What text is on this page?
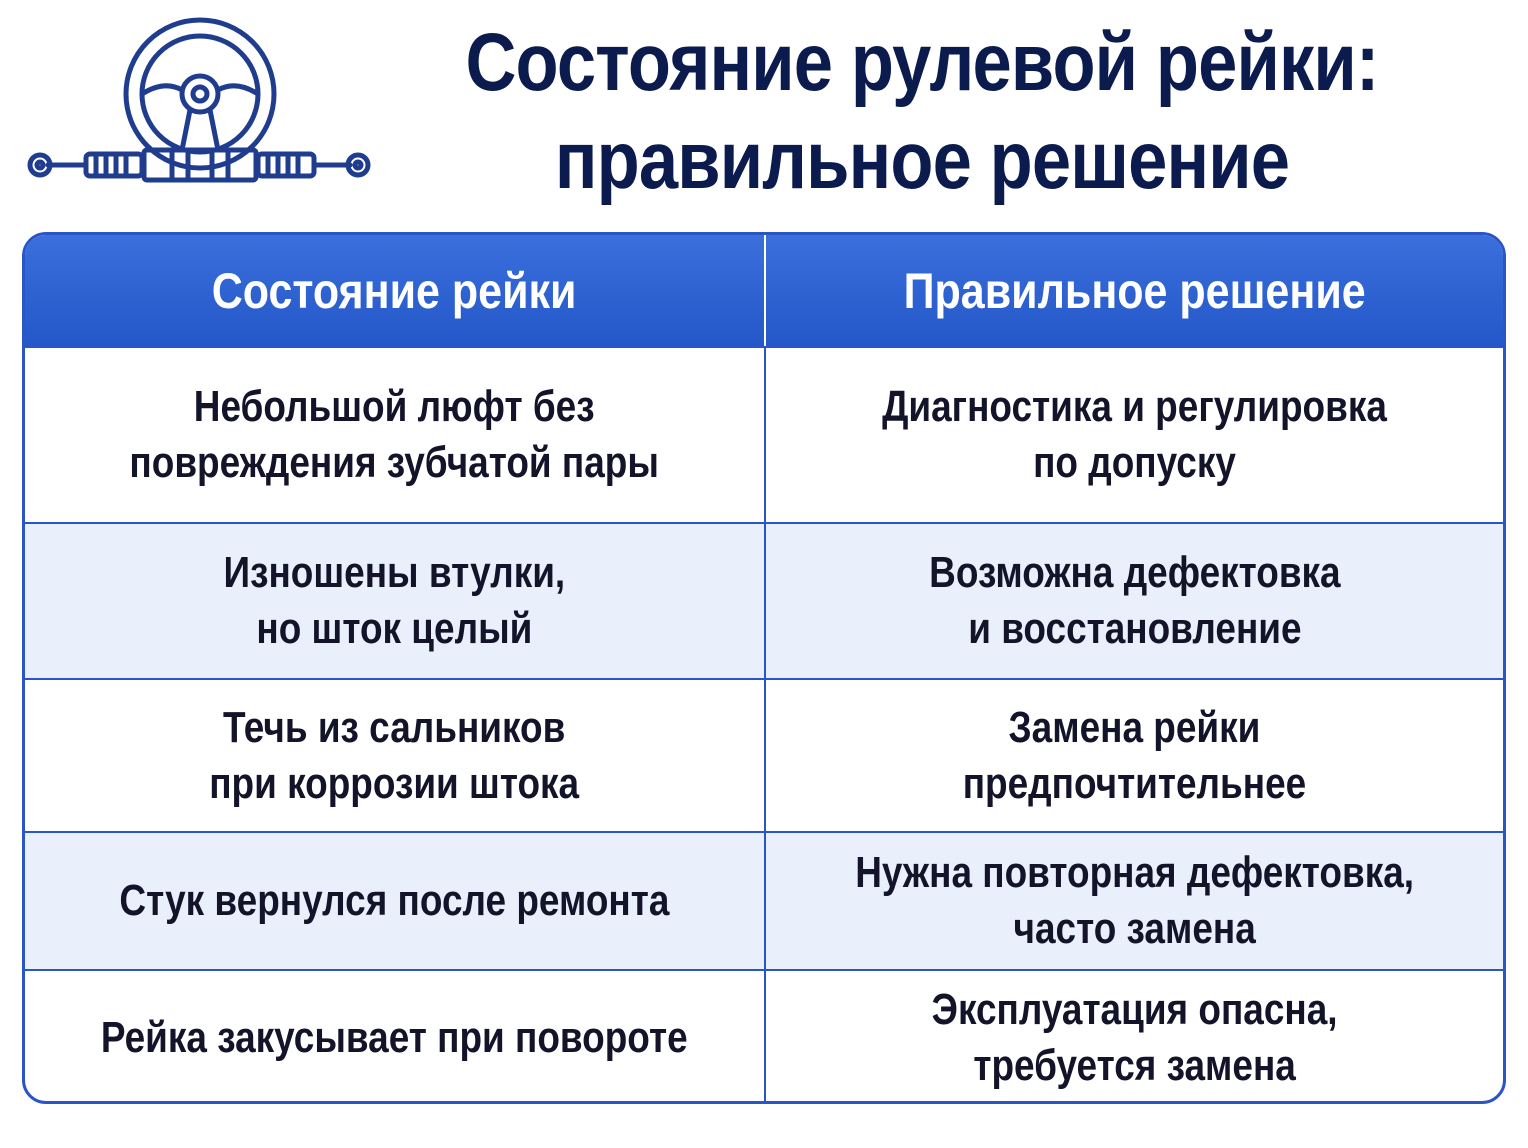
Состояние рулевой рейки:
правильное решение
Состояние рейки	Правильное решение
Небольшой люфт без
повреждения зубчатой пары
Диагностика и регулировка
по допуску
Изношены втулки,
но шток целый
Возможна дефектовка
и восстановление
Течь из сальников
при коррозии штока
Замена рейки
предпочтительнее
Стук вернулся после ремонта
Нужна повторная дефектовка,
часто замена
Рейка закусывает при повороте
Эксплуатация опасна,
требуется замена
